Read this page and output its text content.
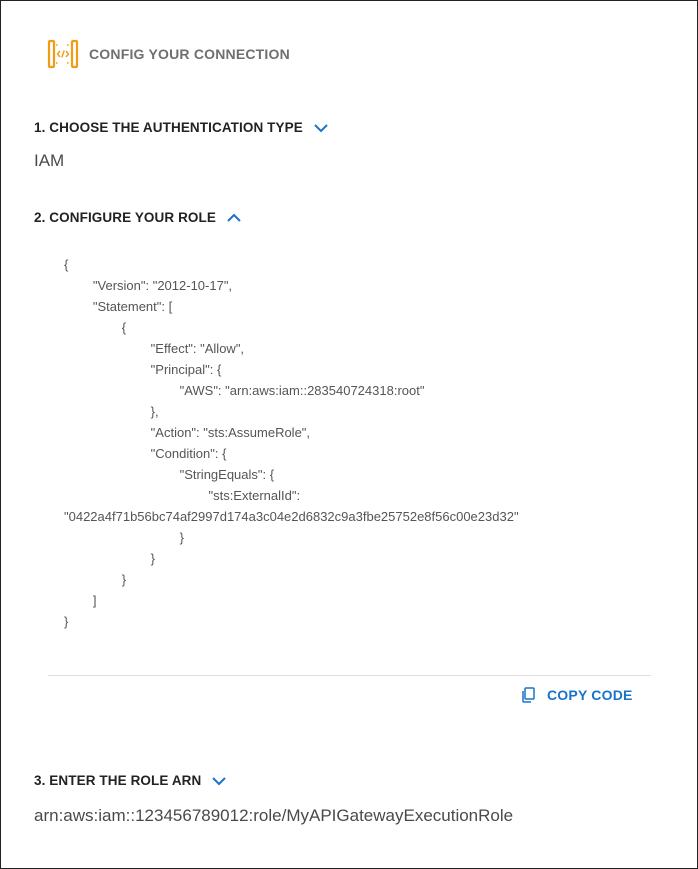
CONFIG YOUR CONNECTION
1. CHOOSE THE AUTHENTICATION TYPE
IAM
2. CONFIGURE YOUR ROLE
{
"Version": "2012-10-17",
"Statement": [
{
"Effect": "Allow",
"Principal": {
"AWS": "arn:aws:iam::283540724318:root"
},
"Action": "sts:AssumeRole",
"Condition": {
"StringEquals": {
"sts:ExternalId":
"0422a4f71b56bc74af2997d174a3c04e2d6832c9a3fbe25752e8f56c00e23d32"
}
}
}
]
}
COPY CODE
3. ENTER THE ROLE ARN
arn:aws:iam::123456789012:role/MyAPIGatewayExecutionRole
